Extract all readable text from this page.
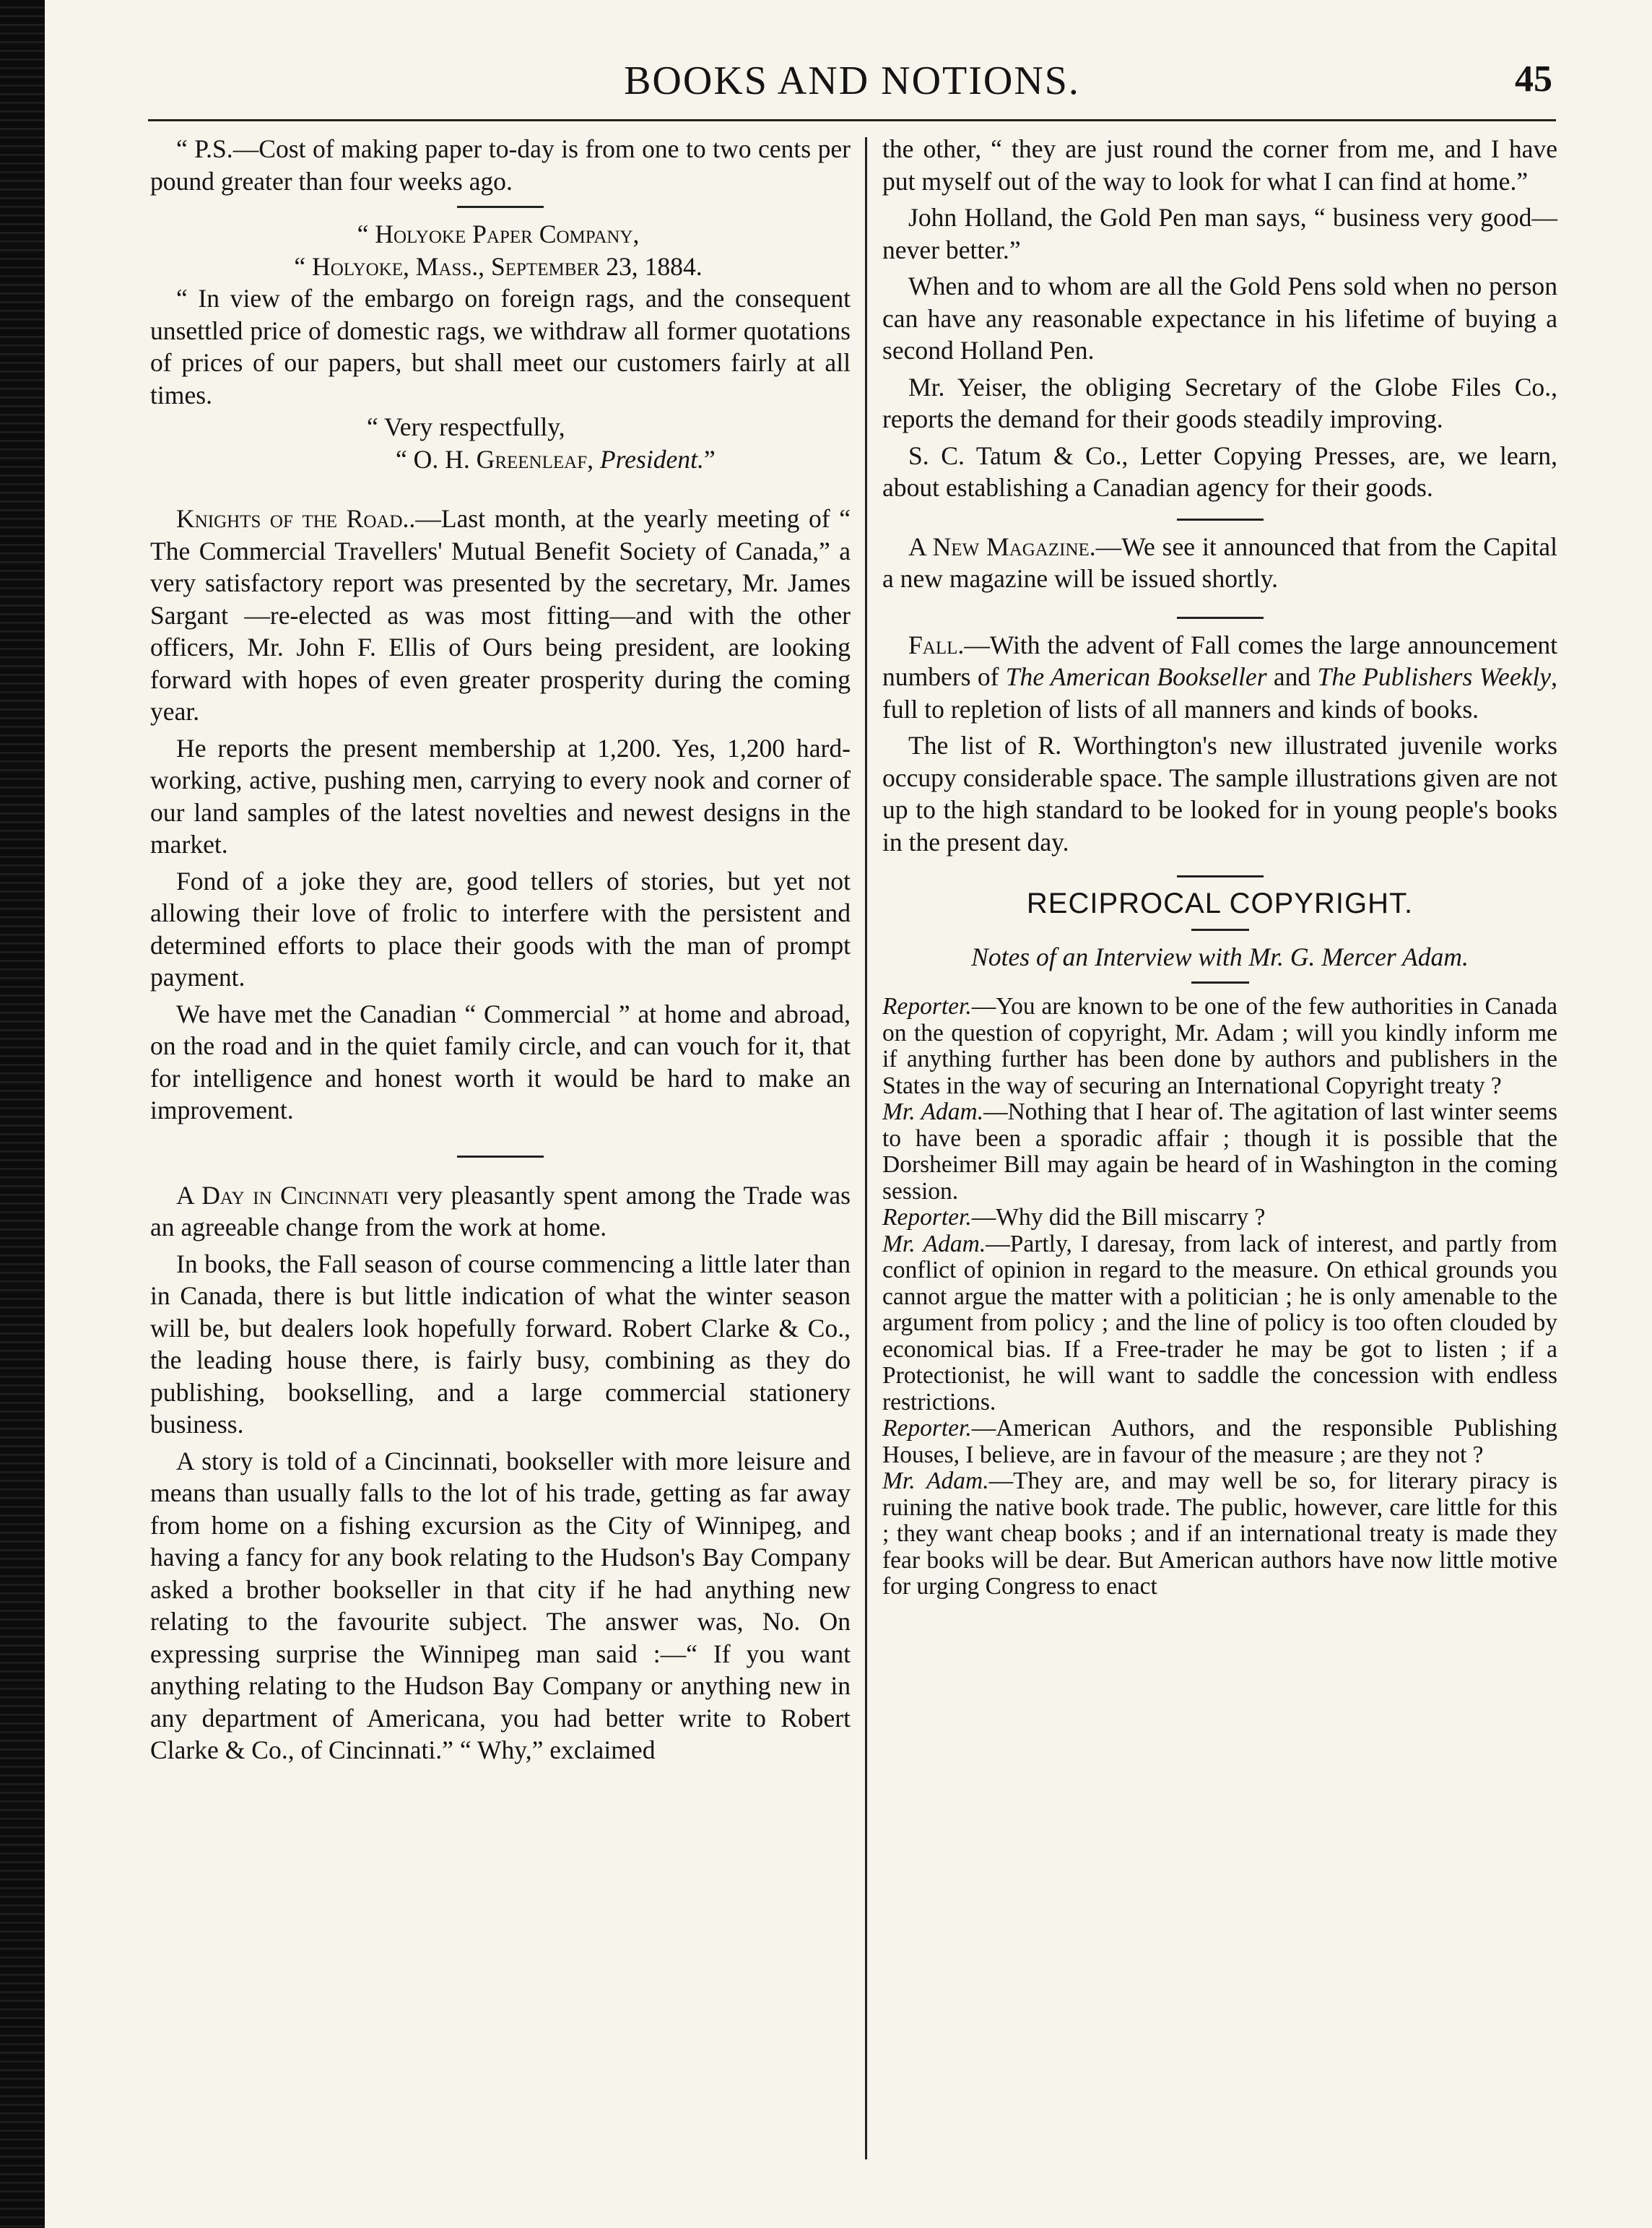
BOOKS AND NOTIONS.	45

“ P.S.—Cost of making paper to-day is from one to two cents per pound greater than four weeks ago.

“ Holyoke Paper Company,
“ Holyoke, Mass., September 23, 1884.

“ In view of the embargo on foreign rags, and the consequent unsettled price of domestic rags, we withdraw all former quotations of prices of our papers, but shall meet our customers fairly at all times.

“ Very respectfully,
“ O. H. Greenleaf, President.”

Knights of the Road..—Last month, at the yearly meeting of “ The Commercial Travellers' Mutual Benefit Society of Canada,” a very satisfactory report was presented by the secretary, Mr. James Sargant —re-elected as was most fitting—and with the other officers, Mr. John F. Ellis of Ours being president, are looking forward with hopes of even greater prosperity during the coming year.

He reports the present membership at 1,200. Yes, 1,200 hard-working, active, pushing men, carrying to every nook and corner of our land samples of the latest novelties and newest designs in the market.

Fond of a joke they are, good tellers of stories, but yet not allowing their love of frolic to interfere with the persistent and determined efforts to place their goods with the man of prompt payment.

We have met the Canadian “ Commercial ” at home and abroad, on the road and in the quiet family circle, and can vouch for it, that for intelligence and honest worth it would be hard to make an improvement.

A Day in Cincinnati very pleasantly spent among the Trade was an agreeable change from the work at home.

In books, the Fall season of course commencing a little later than in Canada, there is but little indication of what the winter season will be, but dealers look hopefully forward. Robert Clarke & Co., the leading house there, is fairly busy, combining as they do publishing, bookselling, and a large commercial stationery business.

A story is told of a Cincinnati, bookseller with more leisure and means than usually falls to the lot of his trade, getting as far away from home on a fishing excursion as the City of Winnipeg, and having a fancy for any book relating to the Hudson's Bay Company asked a brother bookseller in that city if he had anything new relating to the favourite subject. The answer was, No. On expressing surprise the Winnipeg man said :—“ If you want anything relating to the Hudson Bay Company or anything new in any department of Americana, you had better write to Robert Clarke & Co., of Cincinnati.” “ Why,” exclaimed

the other, “ they are just round the corner from me, and I have put myself out of the way to look for what I can find at home.”

John Holland, the Gold Pen man says, “ business very good—never better.”

When and to whom are all the Gold Pens sold when no person can have any reasonable expectance in his lifetime of buying a second Holland Pen.

Mr. Yeiser, the obliging Secretary of the Globe Files Co., reports the demand for their goods steadily improving.

S. C. Tatum & Co., Letter Copying Presses, are, we learn, about establishing a Canadian agency for their goods.

A New Magazine.—We see it announced that from the Capital a new magazine will be issued shortly.

Fall.—With the advent of Fall comes the large announcement numbers of The American Bookseller and The Publishers Weekly, full to repletion of lists of all manners and kinds of books.

The list of R. Worthington's new illustrated juvenile works occupy considerable space. The sample illustrations given are not up to the high standard to be looked for in young people's books in the present day.

RECIPROCAL COPYRIGHT.
Notes of an Interview with Mr. G. Mercer Adam.

Reporter.—You are known to be one of the few authorities in Canada on the question of copyright, Mr. Adam ; will you kindly inform me if anything further has been done by authors and publishers in the States in the way of securing an International Copyright treaty ?

Mr. Adam.—Nothing that I hear of. The agitation of last winter seems to have been a sporadic affair ; though it is possible that the Dorsheimer Bill may again be heard of in Washington in the coming session.

Reporter.—Why did the Bill miscarry ?

Mr. Adam.—Partly, I daresay, from lack of interest, and partly from conflict of opinion in regard to the measure. On ethical grounds you cannot argue the matter with a politician ; he is only amenable to the argument from policy ; and the line of policy is too often clouded by economical bias. If a Free-trader he may be got to listen ; if a Protectionist, he will want to saddle the concession with endless restrictions.

Reporter.—American Authors, and the responsible Publishing Houses, I believe, are in favour of the measure ; are they not ?

Mr. Adam.—They are, and may well be so, for literary piracy is ruining the native book trade. The public, however, care little for this ; they want cheap books ; and if an international treaty is made they fear books will be dear. But American authors have now little motive for urging Congress to enact
